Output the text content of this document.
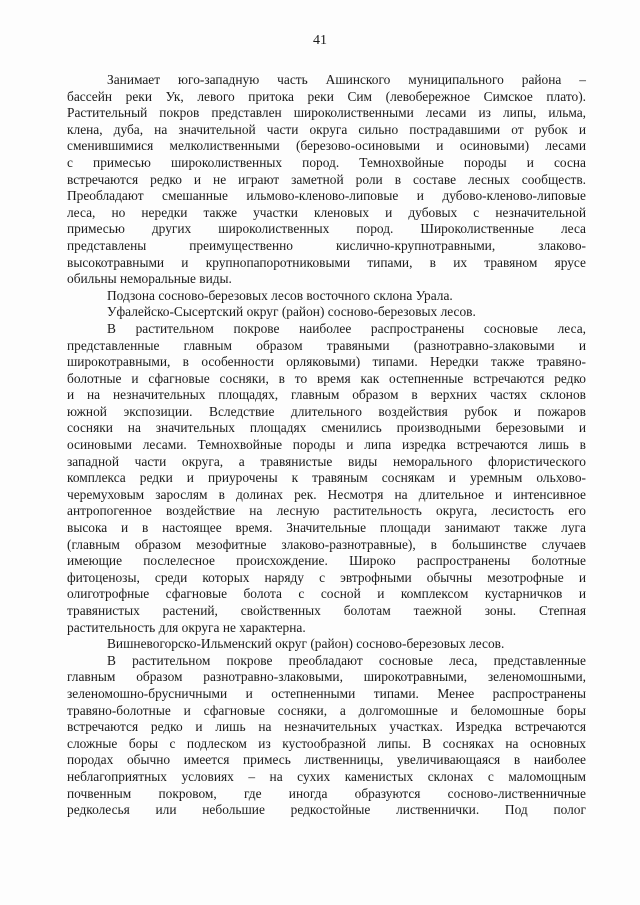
41
Занимает юго-западную часть Ашинского муниципального района –
бассейн реки Ук, левого притока реки Сим (левобережное Симское плато).
Растительный покров представлен широколиственными лесами из липы, ильма,
клена, дуба, на значительной части округа сильно пострадавшими от рубок и
сменившимися мелколиственными (березово-осиновыми и осиновыми) лесами
с примесью широколиственных пород. Темнохвойные породы и сосна
встречаются редко и не играют заметной роли в составе лесных сообществ.
Преобладают смешанные ильмово-кленово-липовые и дубово-кленово-липовые
леса, но нередки также участки кленовых и дубовых с незначительной
примесью других широколиственных пород. Широколиственные леса
представлены преимущественно кислично-крупнотравными, злаково-
высокотравными и крупнопапоротниковыми типами, в их травяном ярусе
обильны неморальные виды.
Подзона сосново-березовых лесов восточного склона Урала.
Уфалейско-Сысертский округ (район) сосново-березовых лесов.
В растительном покрове наиболее распространены сосновые леса,
представленные главным образом травяными (разнотравно-злаковыми и
широкотравными, в особенности орляковыми) типами. Нередки также травяно-
болотные и сфагновые сосняки, в то время как остепненные встречаются редко
и на незначительных площадях, главным образом в верхних частях склонов
южной экспозиции. Вследствие длительного воздействия рубок и пожаров
сосняки на значительных площадях сменились производными березовыми и
осиновыми лесами. Темнохвойные породы и липа изредка встречаются лишь в
западной части округа, а травянистые виды неморального флористического
комплекса редки и приурочены к травяным соснякам и уремным ольхово-
черемуховым зарослям в долинах рек. Несмотря на длительное и интенсивное
антропогенное воздействие на лесную растительность округа, лесистость его
высока и в настоящее время. Значительные площади занимают также луга
(главным образом мезофитные злаково-разнотравные), в большинстве случаев
имеющие послелесное происхождение. Широко распространены болотные
фитоценозы, среди которых наряду с эвтрофными обычны мезотрофные и
олиготрофные сфагновые болота с сосной и комплексом кустарничков и
травянистых растений, свойственных болотам таежной зоны. Степная
растительность для округа не характерна.
Вишневогорско-Ильменский округ (район) сосново-березовых лесов.
В растительном покрове преобладают сосновые леса, представленные
главным образом разнотравно-злаковыми, широкотравными, зеленомошными,
зеленомошно-брусничными и остепненными типами. Менее распространены
травяно-болотные и сфагновые сосняки, а долгомошные и беломошные боры
встречаются редко и лишь на незначительных участках. Изредка встречаются
сложные боры с подлеском из кустообразной липы. В сосняках на основных
породах обычно имеется примесь лиственницы, увеличивающаяся в наиболее
неблагоприятных условиях – на сухих каменистых склонах с маломощным
почвенным покровом, где иногда образуются сосново-лиственничные
редколесья или небольшие редкостойные лиственнички. Под полог
